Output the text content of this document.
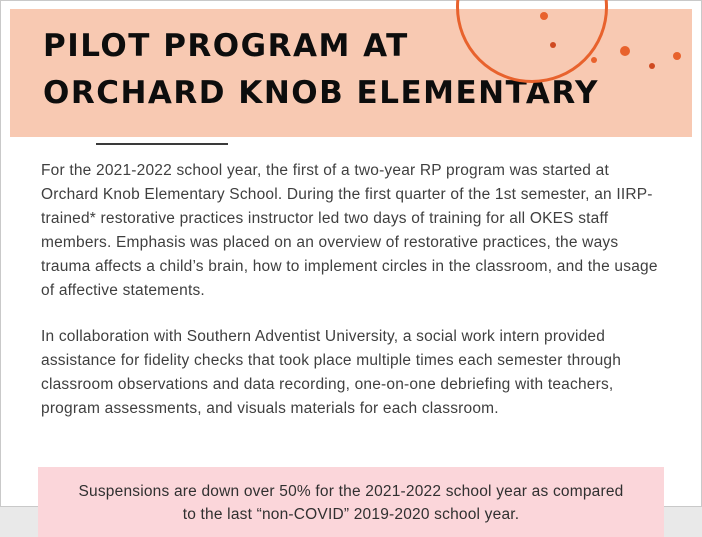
PILOT PROGRAM AT
ORCHARD KNOB ELEMENTARY

For the 2021-2022 school year, the first of a two-year RP program was started at Orchard Knob Elementary School. During the first quarter of the 1st semester, an IIRP-trained* restorative practices instructor led two days of training for all OKES staff members. Emphasis was placed on an overview of restorative practices, the ways trauma affects a child’s brain, how to implement circles in the classroom, and the usage of affective statements.

In collaboration with Southern Adventist University, a social work intern provided assistance for fidelity checks that took place multiple times each semester through classroom observations and data recording, one-on-one debriefing with teachers, program assessments, and visuals materials for each classroom.

Suspensions are down over 50% for the 2021-2022 school year as compared to the last “non-COVID” 2019-2020 school year.
